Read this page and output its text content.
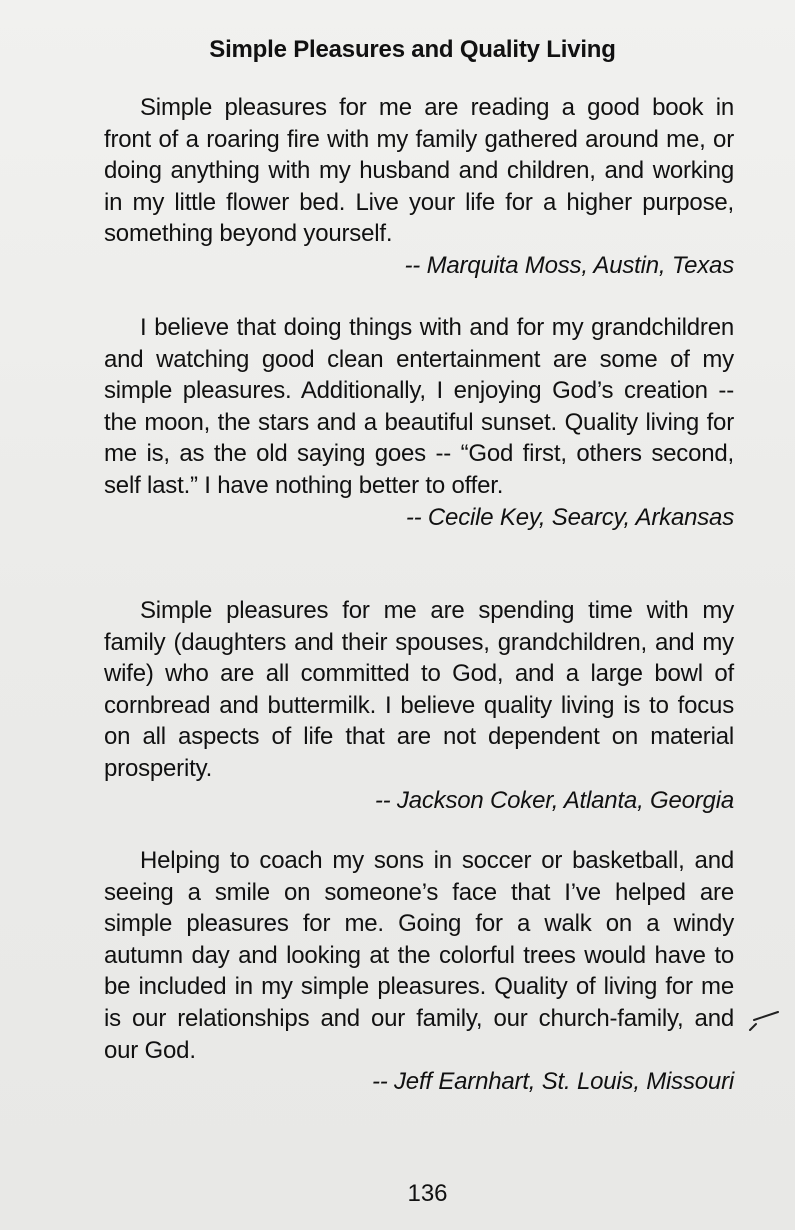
Simple Pleasures and Quality Living

Simple pleasures for me are reading a good book in front of a roaring fire with my family gathered around me, or doing anything with my husband and children, and working in my little flower bed. Live your life for a higher purpose, something beyond yourself.

-- Marquita Moss, Austin, Texas

I believe that doing things with and for my grandchildren and watching good clean entertainment are some of my simple pleasures. Additionally, I enjoying God’s creation -- the moon, the stars and a beautiful sunset. Quality living for me is, as the old saying goes -- “God first, others second, self last.” I have nothing better to offer.

-- Cecile Key, Searcy, Arkansas

Simple pleasures for me are spending time with my family (daughters and their spouses, grandchildren, and my wife) who are all committed to God, and a large bowl of cornbread and buttermilk. I believe quality living is to focus on all aspects of life that are not dependent on material prosperity.

-- Jackson Coker, Atlanta, Georgia

Helping to coach my sons in soccer or basketball, and seeing a smile on someone’s face that I’ve helped are simple pleasures for me. Going for a walk on a windy autumn day and looking at the colorful trees would have to be included in my simple pleasures. Quality of living for me is our relationships and our family, our church-family, and our God.

-- Jeff Earnhart, St. Louis, Missouri

136
